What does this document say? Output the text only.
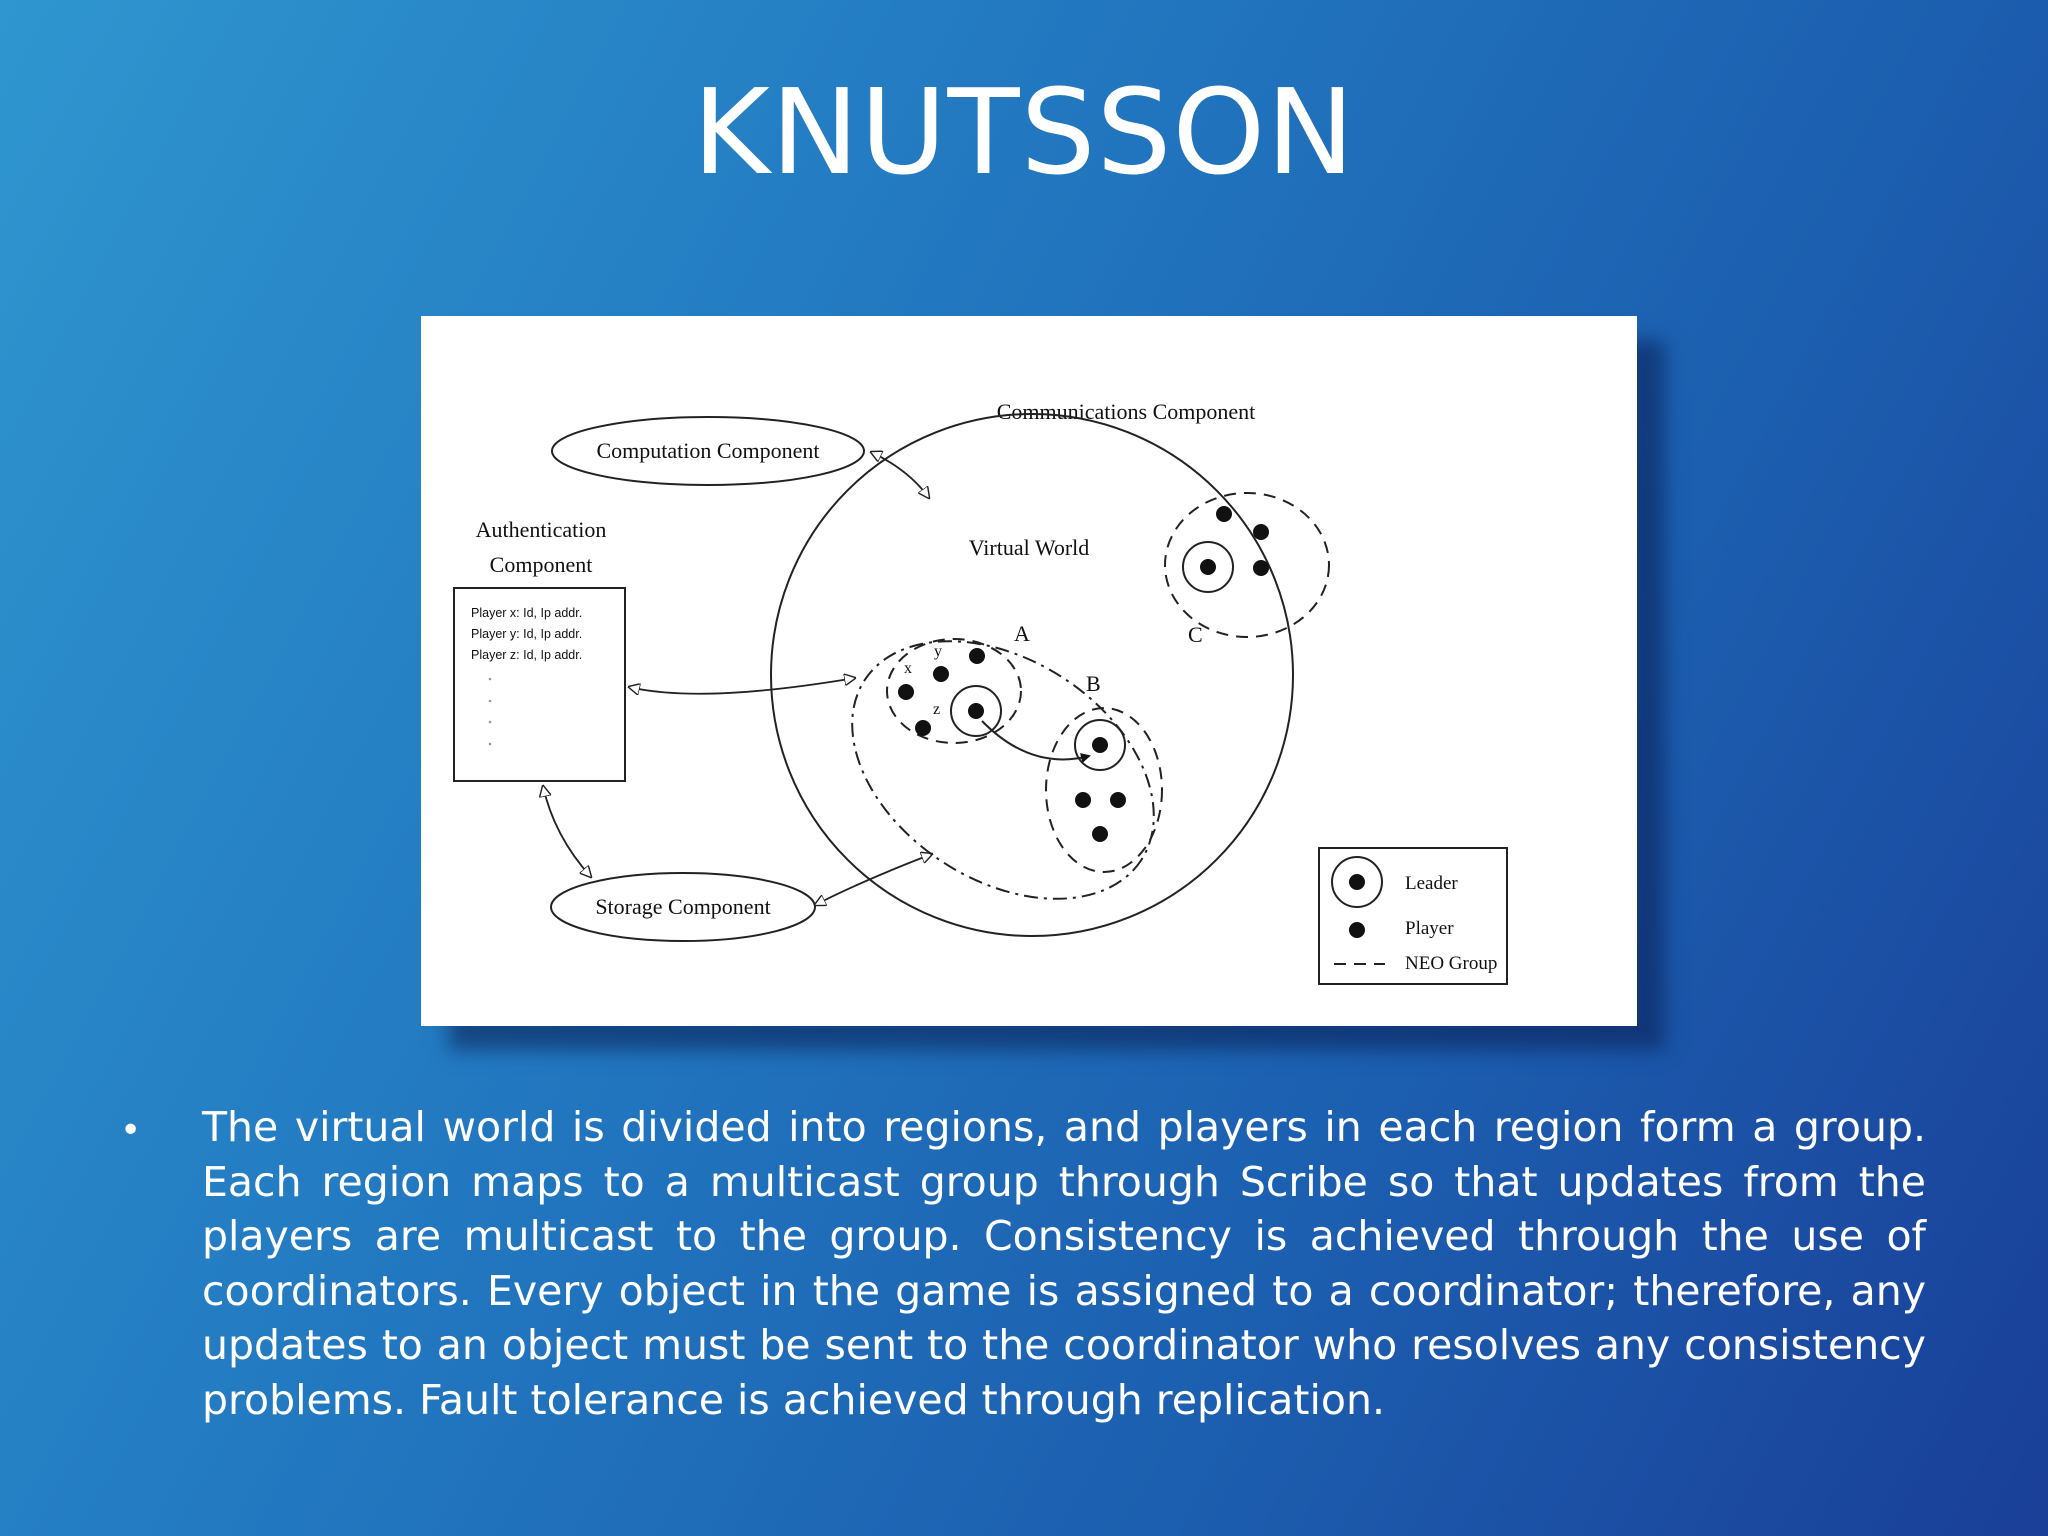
KNUTSSON
Computation Component
Communications Component
Authentication
Component
Player x: Id, Ip addr.
Player y: Id, Ip addr.
Player z: Id, Ip addr.
Storage Component
Virtual World
C
A
x
y
z
B
Leader
Player
NEO Group
• The virtual world is divided into regions, and players in each region form a group. Each region maps to a multicast group through Scribe so that updates from the players are multicast to the group. Consistency is achieved through the use of coordinators. Every object in the game is assigned to a coordinator; therefore, any updates to an object must be sent to the coordinator who resolves any consistency problems. Fault tolerance is achieved through replication.
